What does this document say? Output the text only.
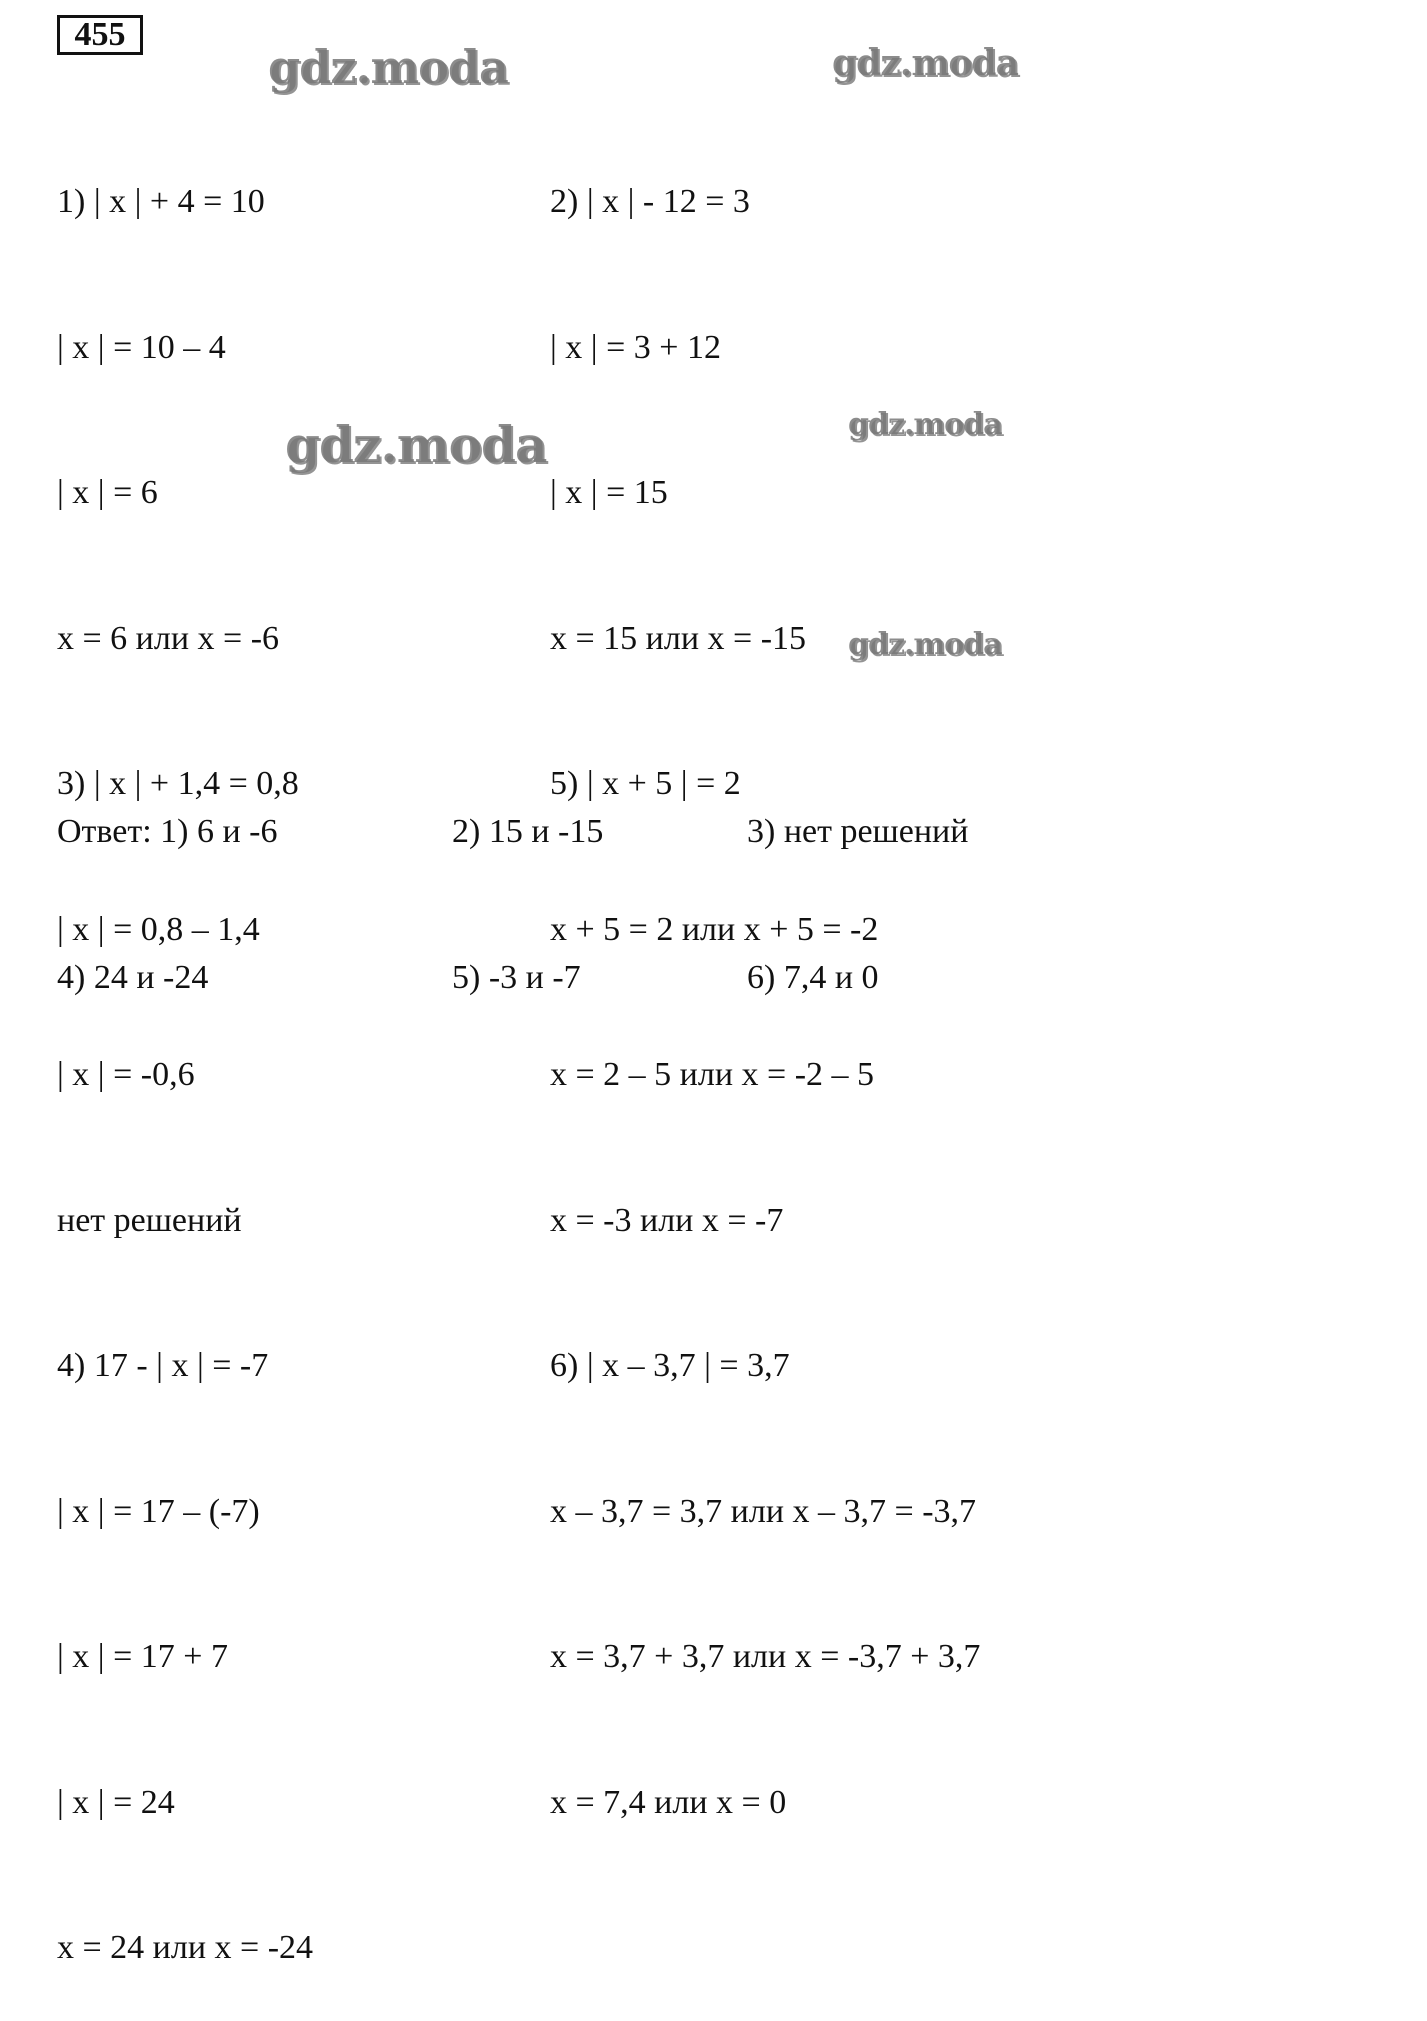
455

1) | x | + 4 = 10

| x | = 10 – 4

| x | = 6

x = 6 или x = -6

3) | x | + 1,4 = 0,8

| x | = 0,8 – 1,4

| x | = -0,6

нет решений

4) 17 - | x | = -7

| x | = 17 – (-7)

| x | = 17 + 7

| x | = 24

x = 24 или x = -24

2) | x | - 12 = 3

| x | = 3 + 12

| x | = 15

x = 15 или x = -15

5) | x + 5 | = 2

x + 5 = 2 или x + 5 = -2

x = 2 – 5 или x = -2 – 5

x = -3 или x = -7

6) | x – 3,7 | = 3,7

x – 3,7 = 3,7 или x – 3,7 = -3,7

x = 3,7 + 3,7 или x = -3,7 + 3,7

x = 7,4 или x = 0

Ответ: 1) 6 и -6

	2) 15 и -15

	3) нет решений

4) 24 и -24

	5) -3 и -7

	6) 7,4 и 0

gdz.moda	gdz.moda
gdz.moda	gdz.moda
gdz.moda
